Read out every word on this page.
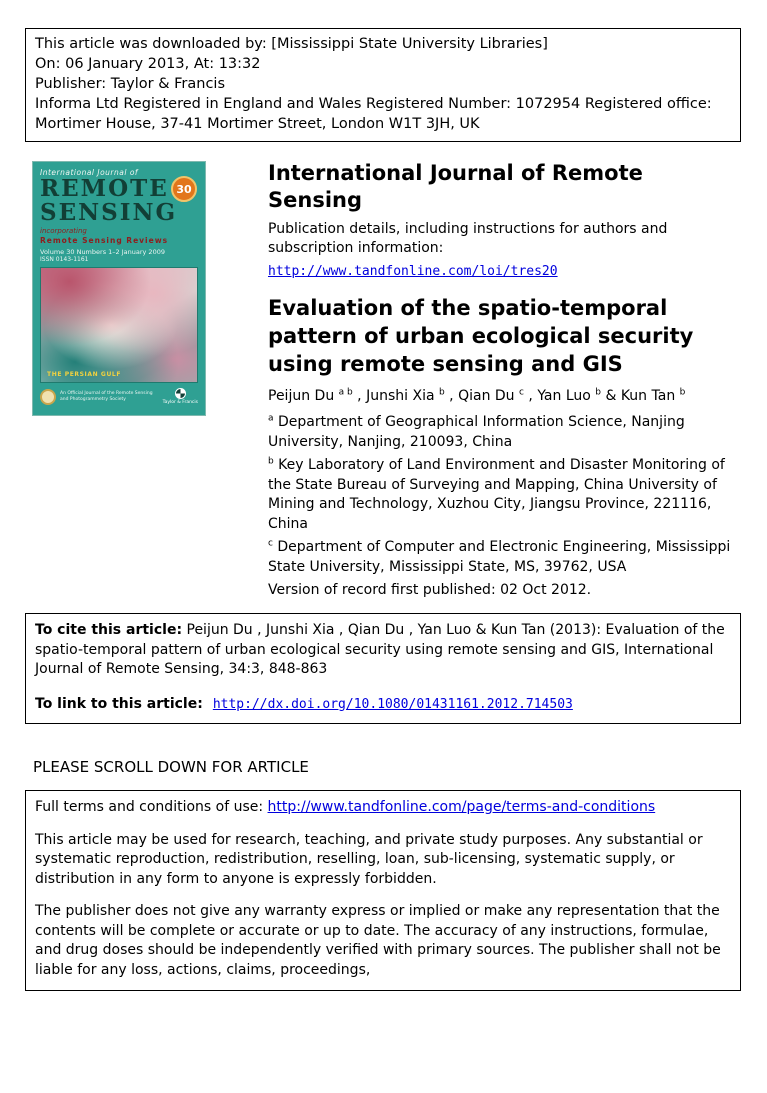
This article was downloaded by: [Mississippi State University Libraries]
On: 06 January 2013, At: 13:32
Publisher: Taylor & Francis
Informa Ltd Registered in England and Wales Registered Number: 1072954 Registered office: Mortimer House, 37-41 Mortimer Street, London W1T 3JH, UK
International Journal of
REMOTE
SENSING
30
incorporating
Remote Sensing Reviews
Volume 30 Numbers 1–2 January 2009
ISSN 0143-1161
THE PERSIAN GULF
An Official Journal of the Remote Sensing and Photogrammetry Society
Taylor & Francis
International Journal of Remote Sensing
Publication details, including instructions for authors and subscription information:
http://www.tandfonline.com/loi/tres20
Evaluation of the spatio-temporal pattern of urban ecological security using remote sensing and GIS

Peijun Du $^{a b}$ , Junshi Xia $^b$ , Qian Du $^c$ , Yan Luo $^b$ & Kun Tan $^b$

$^a$ Department of Geographical Information Science, Nanjing University, Nanjing, 210093, China

$^b$ Key Laboratory of Land Environment and Disaster Monitoring of the State Bureau of Surveying and Mapping, China University of Mining and Technology, Xuzhou City, Jiangsu Province, 221116, China

$^c$ Department of Computer and Electronic Engineering, Mississippi State University, Mississippi State, MS, 39762, USA

Version of record first published: 02 Oct 2012.

To cite this article: Peijun Du , Junshi Xia , Qian Du , Yan Luo & Kun Tan (2013): Evaluation of the spatio-temporal pattern of urban ecological security using remote sensing and GIS, International Journal of Remote Sensing, 34:3, 848-863

To link to this article: http://dx.doi.org/10.1080/01431161.2012.714503

PLEASE SCROLL DOWN FOR ARTICLE

Full terms and conditions of use: http://www.tandfonline.com/page/terms-and-conditions

This article may be used for research, teaching, and private study purposes. Any substantial or systematic reproduction, redistribution, reselling, loan, sub-licensing, systematic supply, or distribution in any form to anyone is expressly forbidden.

The publisher does not give any warranty express or implied or make any representation that the contents will be complete or accurate or up to date. The accuracy of any instructions, formulae, and drug doses should be independently verified with primary sources. The publisher shall not be liable for any loss, actions, claims, proceedings,
